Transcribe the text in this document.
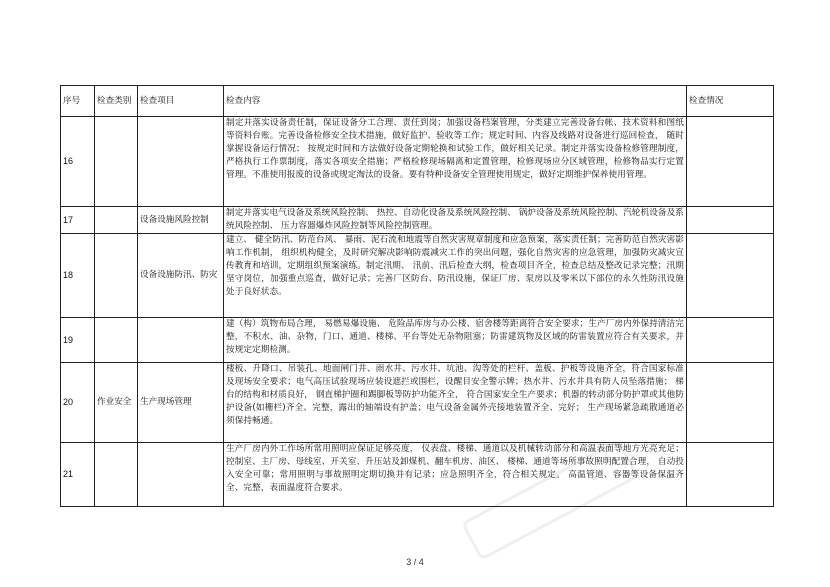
序号	检查类别	检查项目	检查内容	检查情况
16			制定并落实设备责任制，保证设备分工合理、责任到岗；加强设备档案管理，分类建立完善设备台帐、技术资料和图纸等资料台账。完善设备检修安全技术措施，做好监护、验收等工作；规定时间、内容及线路对设备进行巡回检查， 随时掌握设备运行情况； 按规定时间和方法做好设备定期轮换和试验工作，做好相关记录。制定并落实设备检修管理制度，严格执行工作票制度，落实各项安全措施；严格检修现场隔离和定置管理，检修现场应分区域管理，检修物品实行定置管理。不准使用报废的设备或规定淘汰的设备。要有特种设备安全管理使用规定，做好定期维护保养使用管理。	
17		设备设施风险控制	制定并落实电气设备及系统风险控制、 热控、自动化设备及系统风险控制、 锅炉设备及系统风险控制、汽轮机设备及系统风险控制、 压力容器爆炸风险控制等风险控制管理。	
18		设备设施防汛、防灾	建立、 健全防汛、防范台风、 暴雨、泥石流和地震等自然灾害规章制度和应急预案，落实责任制；完善防范自然灾害影响工作机制， 组织机构健全，及时研究解决影响防震减灾工作的突出问题，强化自然灾害的应急管理，加强防灾减灾宣传教育和培训，定期组织预案演练。制定汛期、 汛前、汛后检查大纲，检查项目齐全，检查总结及整改记录完整；汛期坚守岗位，加强重点巡查，做好记录；完善厂区防台、防汛设施，保证厂房、泵房以及零米以下部位的永久性防汛设施处于良好状态。	
19			建（构）筑物布局合理， 易燃易爆设施、 危险品库房与办公楼、宿舍楼等距离符合安全要求；生产厂房内外保持清洁完整，不积水、油、杂物，门口、通道、楼梯、平台等处无杂物阻塞；防雷建筑物及区域的防雷装置应符合有关要求，并按规定定期检测。	
20	作业安全	生产现场管理	楼板、升降口、吊装孔、地面闸门井、雨水井、污水井、坑池、沟等处的栏杆、盖板、护板等设施齐全，符合国家标准及现场安全要求；电气高压试验现场应装设遮拦或围栏，设醒目安全警示牌；热水井、污水井具有防人员坠落措施； 梯台的结构和材质良好， 钢直梯护圈和踢脚板等防护功能齐全， 符合国家安全生产要求；机器的转动部分防护罩或其他防护设备(如栅栏)齐全、完整，露出的轴端设有护盖；电气设备金属外壳接地装置齐全、完好； 生产现场紧急疏散通道必须保持畅通。	
21			生产厂房内外工作场所常用照明应保证足够亮度， 仪表盘、楼梯、通道以及机械转动部分和高温表面等地方光亮充足；控制室、主厂房、母线室、开关室、升压站及卸煤机、翻车机房、油区、 楼梯、通道等场所事故照明配置合理， 自动投入安全可靠；常用照明与事故照明定期切换并有记录；应急照明齐全，符合相关规定。 高温管道、容器等设备保温齐全、完整，表面温度符合要求。	
3 / 4
